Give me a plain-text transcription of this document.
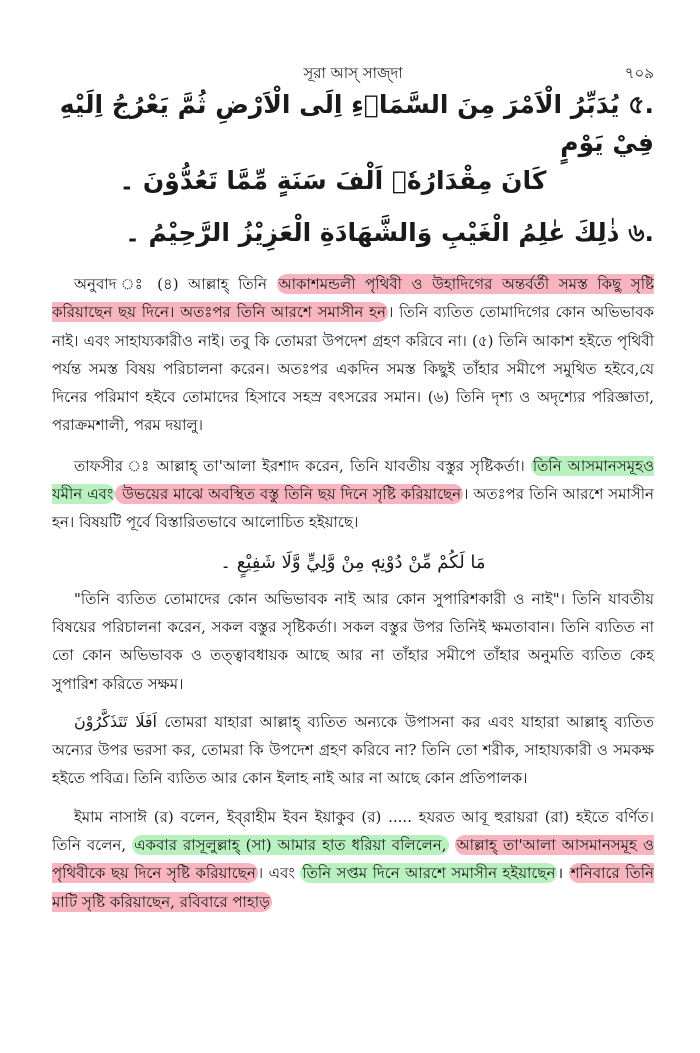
সূরা আস্‌ সাজ্‌দা	৭০৯
.৫ يُدَبِّرُ الْاَمْرَ مِنَ السَّمَاۤءِ اِلَى الْاَرْضِ ثُمَّ يَعْرُجُ اِلَيْهِ فِيْ يَوْمٍ
كَانَ مِقْدَارُهٗۤ اَلْفَ سَنَةٍ مِّمَّا تَعُدُّوْنَ ۔
.৬ ذٰلِكَ عٰلِمُ الْغَيْبِ وَالشَّهَادَةِ الْعَزِيْزُ الرَّحِيْمُ ۔

অনুবাদ ঃ (৪) আল্লাহ্‌ তিনি আকাশমন্ডলী পৃথিবী ও উহাদিগের অন্তর্বর্তী সমস্ত কিছু সৃষ্টি করিয়াছেন ছয় দিনে। অতঃপর তিনি আরশে সমাসীন হন । তিনি ব্যতিত তোমাদিগের কোন অভিভাবক নাই। এবং সাহায্যকারীও নাই। তবু কি তোমরা উপদেশ গ্রহণ করিবে না। (৫) তিনি আকাশ হইতে পৃথিবী পর্যন্ত সমস্ত বিষয় পরিচালনা করেন। অতঃপর একদিন সমস্ত কিছুই তাঁহার সমীপে সমুথিত হইবে,যে দিনের পরিমাণ হইবে তোমাদের হিসাবে সহস্র বৎসরের সমান। (৬) তিনি দৃশ্য ও অদৃশ্যের পরিজ্ঞাতা, পরাক্রমশালী, পরম দয়ালু।

তাফসীর ঃ আল্লাহ্‌ তা'আলা ইরশাদ করেন, তিনি যাবতীয় বস্তুর সৃষ্টিকর্তা। তিনি আসমানসমূহও যমীন এবং উভয়ের মাঝে অবস্থিত বস্তু তিনি ছয় দিনে সৃষ্টি করিয়াছেন । অতঃপর তিনি আরশে সমাসীন হন। বিষয়টি পূর্বে বিস্তারিতভাবে আলোচিত হইয়াছে।

مَا لَكُمْ مِّنْ دُوْنِهٖ مِنْ وَّلِيٍّ وَّلَا شَفِيْعٍ ۔

"তিনি ব্যতিত তোমাদের কোন অভিভাবক নাই আর কোন সুপারিশকারী ও নাই"। তিনি যাবতীয় বিষয়ের পরিচালনা করেন, সকল বস্তুর সৃষ্টিকর্তা। সকল বস্তুর উপর তিনিই ক্ষমতাবান। তিনি ব্যতিত না তো কোন অভিভাবক ও তত্ত্বাবধায়ক আছে আর না তাঁহার সমীপে তাঁহার অনুমতি ব্যতিত কেহ সুপারিশ করিতে সক্ষম।

اَفَلَا تَتَذَكَّرُوْنَ তোমরা যাহারা আল্লাহ্‌ ব্যতিত অন্যকে উপাসনা কর এবং যাহারা আল্লাহ্‌ ব্যতিত অন্যের উপর ভরসা কর, তোমরা কি উপদেশ গ্রহণ করিবে না? তিনি তো শরীক, সাহায্যকারী ও সমকক্ষ হইতে পবিত্র। তিনি ব্যতিত আর কোন ইলাহ নাই আর না আছে কোন প্রতিপালক।

ইমাম নাসাঈ (র) বলেন, ইব্‌রাহীম ইবন ইয়াকুব (র) ..... হযরত আবূ হুরায়রা (রা) হইতে বর্ণিত। তিনি বলেন, একবার রাসূলুল্লাহ্‌ (সা) আমার হাত ধরিয়া বলিলেন, আল্লাহ্‌ তা'আলা আসমানসমূহ ও পৃথিবীকে ছয় দিনে সৃষ্টি করিয়াছেন । এবং তিনি সপ্তম দিনে আরশে সমাসীন হইয়াছেন । শনিবারে তিনি মাটি সৃষ্টি করিয়াছেন, রবিবারে পাহাড়
